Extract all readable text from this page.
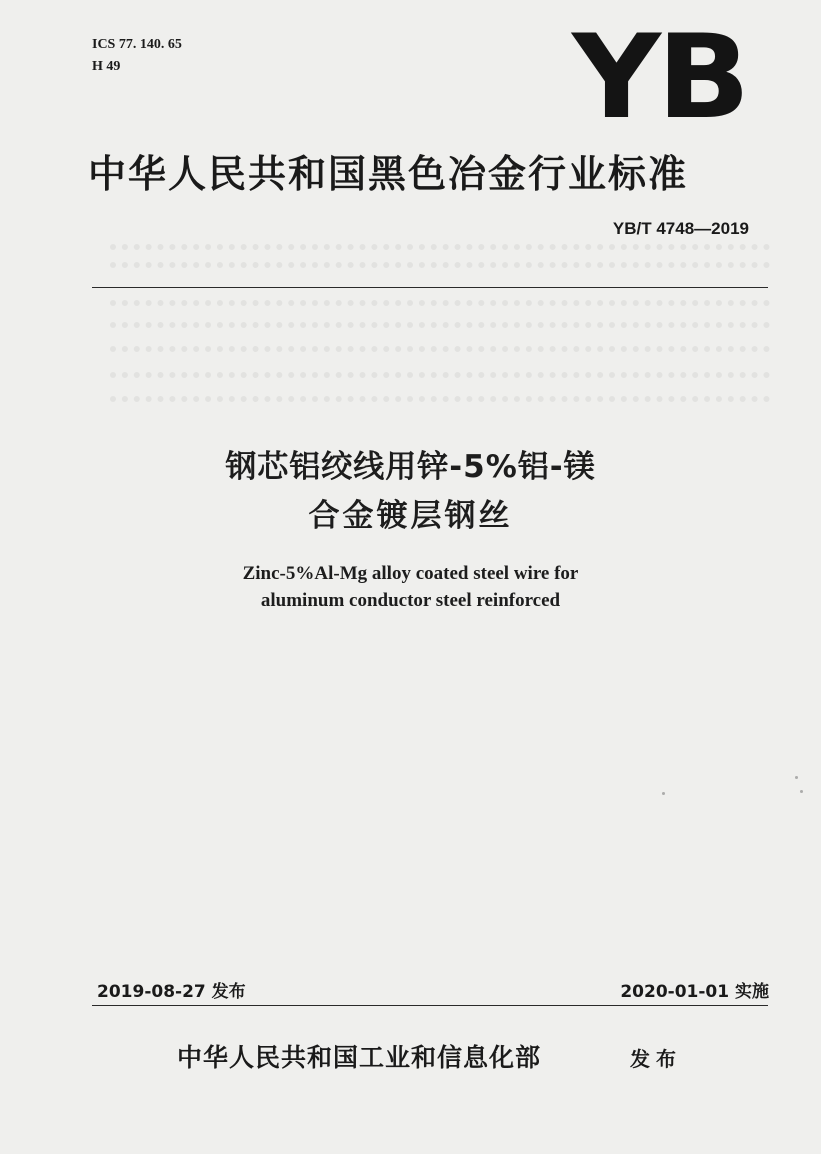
ICS 77. 140. 65
H 49	YB
中华人民共和国黑色冶金行业标准
YB/T 4748—2019
钢芯铝绞线用锌-5%铝-镁
合金镀层钢丝
Zinc-5%Al-Mg alloy coated steel wire for
aluminum conductor steel reinforced
2019-08-27 发布	2020-01-01 实施
中华人民共和国工业和信息化部	发布
